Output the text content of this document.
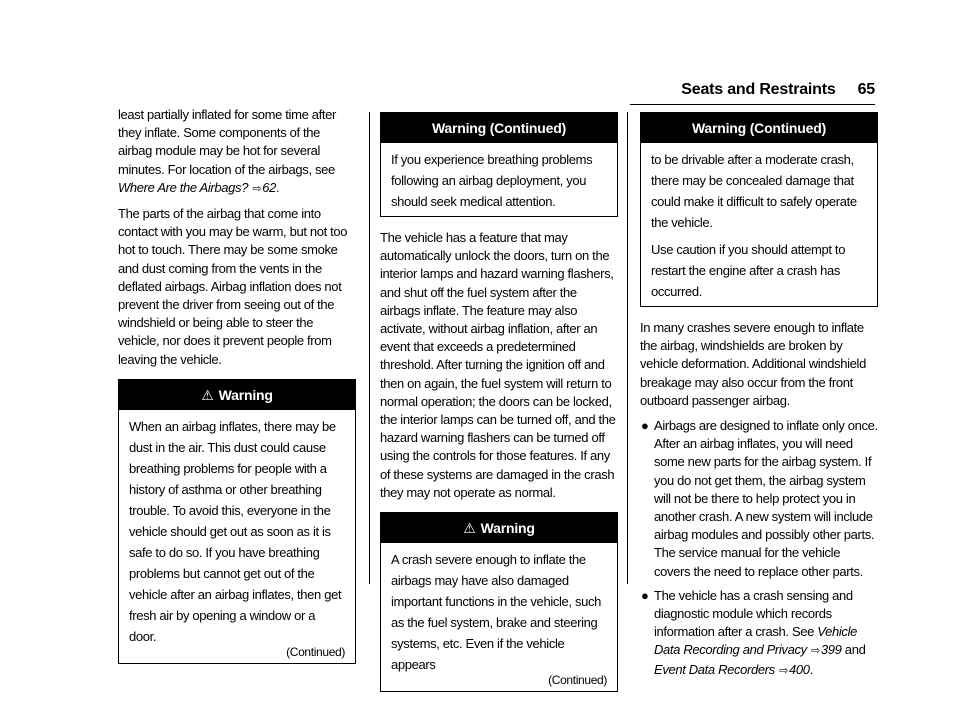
Seats and Restraints 65

least partially inflated for some time after they inflate. Some components of the airbag module may be hot for several minutes. For location of the airbags, see Where Are the Airbags? ⇨62.

The parts of the airbag that come into contact with you may be warm, but not too hot to touch. There may be some smoke and dust coming from the vents in the deflated airbags. Airbag inflation does not prevent the driver from seeing out of the windshield or being able to steer the vehicle, nor does it prevent people from leaving the vehicle.

⚠ Warning

When an airbag inflates, there may be dust in the air. This dust could cause breathing problems for people with a history of asthma or other breathing trouble. To avoid this, everyone in the vehicle should get out as soon as it is safe to do so. If you have breathing problems but cannot get out of the vehicle after an airbag inflates, then get fresh air by opening a window or a door.

(Continued)
Warning (Continued)

If you experience breathing problems following an airbag deployment, you should seek medical attention.

The vehicle has a feature that may automatically unlock the doors, turn on the interior lamps and hazard warning flashers, and shut off the fuel system after the airbags inflate. The feature may also activate, without airbag inflation, after an event that exceeds a predetermined threshold. After turning the ignition off and then on again, the fuel system will return to normal operation; the doors can be locked, the interior lamps can be turned off, and the hazard warning flashers can be turned off using the controls for those features. If any of these systems are damaged in the crash they may not operate as normal.

⚠ Warning

A crash severe enough to inflate the airbags may have also damaged important functions in the vehicle, such as the fuel system, brake and steering systems, etc. Even if the vehicle appears

(Continued)
Warning (Continued)

to be drivable after a moderate crash, there may be concealed damage that could make it difficult to safely operate the vehicle.

Use caution if you should attempt to restart the engine after a crash has occurred.

In many crashes severe enough to inflate the airbag, windshields are broken by vehicle deformation. Additional windshield breakage may also occur from the front outboard passenger airbag.

● Airbags are designed to inflate only once. After an airbag inflates, you will need some new parts for the airbag system. If you do not get them, the airbag system will not be there to help protect you in another crash. A new system will include airbag modules and possibly other parts. The service manual for the vehicle covers the need to replace other parts.
● The vehicle has a crash sensing and diagnostic module which records information after a crash. See Vehicle Data Recording and Privacy ⇨399 and Event Data Recorders ⇨400.
